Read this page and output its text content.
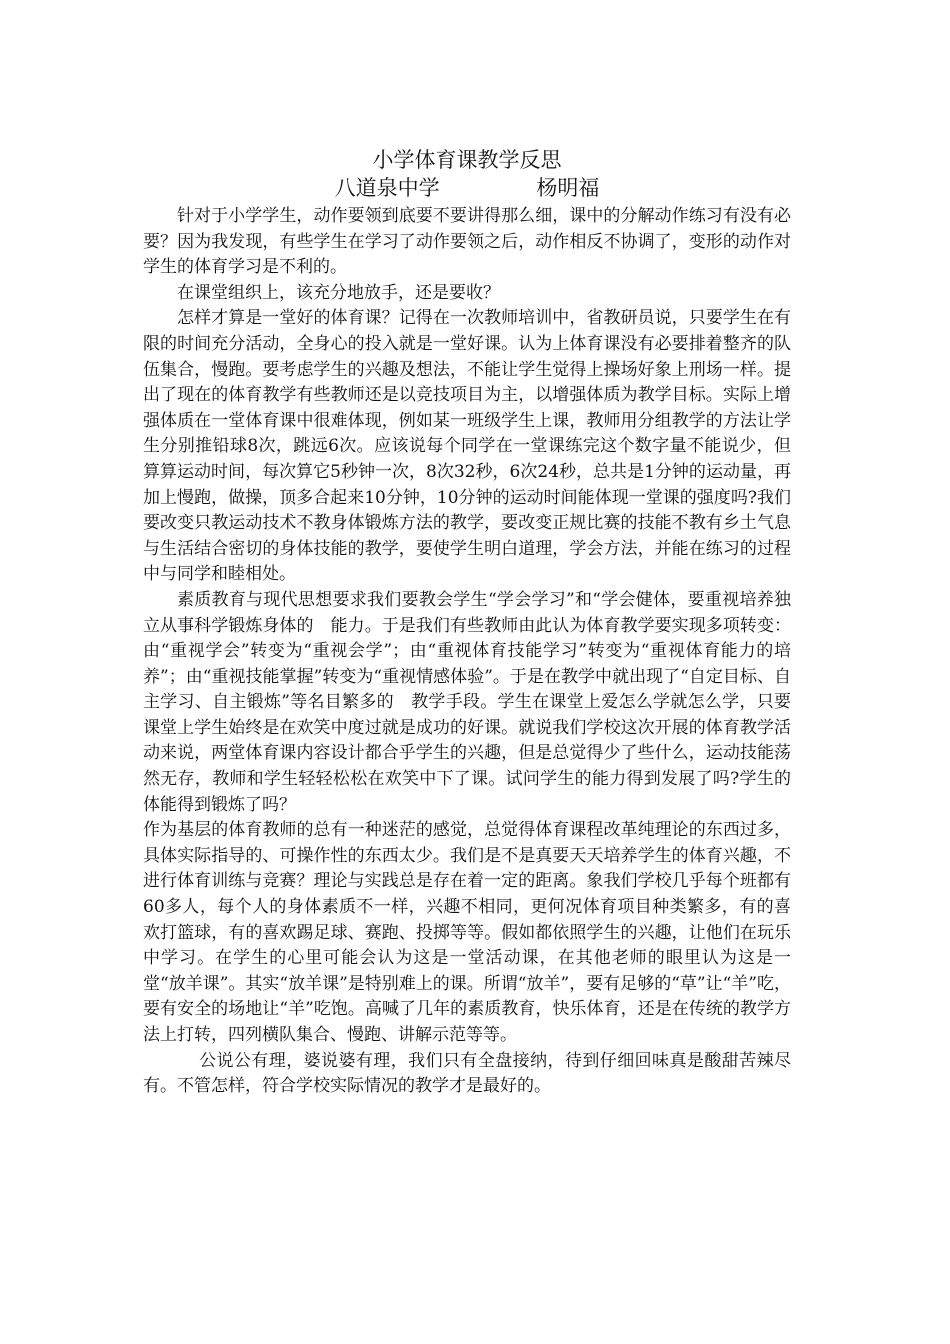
小学体育课教学反思
八道泉中学	杨明福

针对于小学学生，动作要领到底要不要讲得那么细，课中的分解动作练习有没有必要？因为我发现，有些学生在学习了动作要领之后，动作相反不协调了，变形的动作对学生的体育学习是不利的。

在课堂组织上，该充分地放手，还是要收？

怎样才算是一堂好的体育课？记得在一次教师培训中，省教研员说，只要学生在有限的时间充分活动，全身心的投入就是一堂好课。认为上体育课没有必要排着整齐的队伍集合，慢跑。要考虑学生的兴趣及想法，不能让学生觉得上操场好象上刑场一样。提出了现在的体育教学有些教师还是以竞技项目为主，以增强体质为教学目标。实际上增强体质在一堂体育课中很难体现，例如某一班级学生上课，教师用分组教学的方法让学生分别推铅球8次，跳远6次。应该说每个同学在一堂课练完这个数字量不能说少，但算算运动时间，每次算它5秒钟一次，8次32秒，6次24秒，总共是1分钟的运动量，再加上慢跑，做操，顶多合起来10分钟，10分钟的运动时间能体现一堂课的强度吗?我们要改变只教运动技术不教身体锻炼方法的教学，要改变正规比赛的技能不教有乡土气息与生活结合密切的身体技能的教学，要使学生明白道理，学会方法，并能在练习的过程中与同学和睦相处。

素质教育与现代思想要求我们要教会学生“学会学习”和“学会健体，要重视培养独立从事科学锻炼身体的　能力。于是我们有些教师由此认为体育教学要实现多项转变：由“重视学会”转变为“重视会学”；由“重视体育技能学习”转变为“重视体育能力的培养”；由“重视技能掌握”转变为“重视情感体验”。于是在教学中就出现了“自定目标、自主学习、自主锻炼”等名目繁多的　教学手段。学生在课堂上爱怎么学就怎么学，只要课堂上学生始终是在欢笑中度过就是成功的好课。就说我们学校这次开展的体育教学活动来说，两堂体育课内容设计都合乎学生的兴趣，但是总觉得少了些什么，运动技能荡然无存，教师和学生轻轻松松在欢笑中下了课。试问学生的能力得到发展了吗?学生的体能得到锻炼了吗？

作为基层的体育教师的总有一种迷茫的感觉，总觉得体育课程改革纯理论的东西过多，具体实际指导的、可操作性的东西太少。我们是不是真要天天培养学生的体育兴趣，不进行体育训练与竞赛？理论与实践总是存在着一定的距离。象我们学校几乎每个班都有60多人，每个人的身体素质不一样，兴趣不相同，更何况体育项目种类繁多，有的喜欢打篮球，有的喜欢踢足球、赛跑、投掷等等。假如都依照学生的兴趣，让他们在玩乐中学习。在学生的心里可能会认为这是一堂活动课，在其他老师的眼里认为这是一堂“放羊课”。其实“放羊课”是特别难上的课。所谓“放羊”，要有足够的“草”让“羊”吃，要有安全的场地让“羊”吃饱。高喊了几年的素质教育，快乐体育，还是在传统的教学方法上打转，四列横队集合、慢跑、讲解示范等等。

公说公有理，婆说婆有理，我们只有全盘接纳，待到仔细回味真是酸甜苦辣尽有。不管怎样，符合学校实际情况的教学才是最好的。
